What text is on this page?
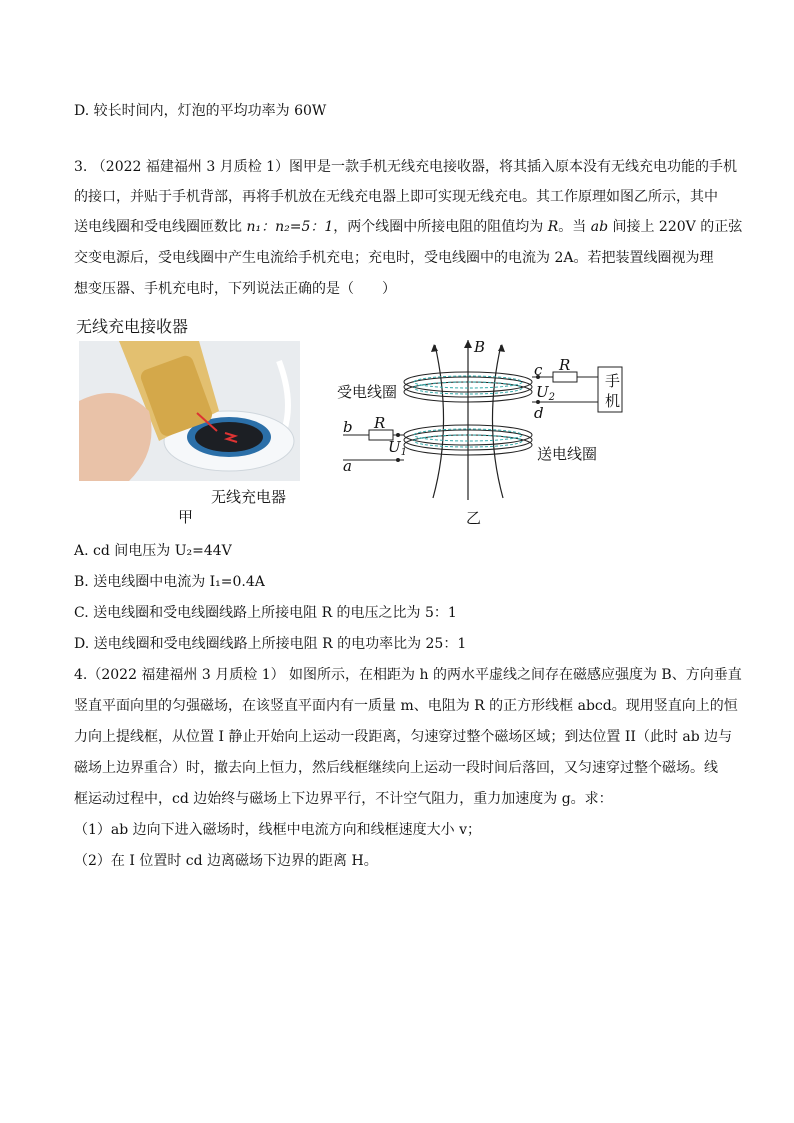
D. 较长时间内，灯泡的平均功率为 60W
3. （2022 福建福州 3 月质检 1）图甲是一款手机无线充电接收器，将其插入原本没有无线充电功能的手机
的接口，并贴于手机背部，再将手机放在无线充电器上即可实现无线充电。其工作原理如图乙所示，其中
送电线圈和受电线圈匝数比 n₁：n₂=5：1，两个线圈中所接电阻的阻值均为 R。当 ab 间接上 220V 的正弦
交变电源后，受电线圈中产生电流给手机充电；充电时，受电线圈中的电流为 2A。若把装置线圈视为理
想变压器、手机充电时，下列说法正确的是（　　）
无线充电接收器
无线充电器
甲
B
受电线圈
送电线圈
c
d
R
$U_2$
手
机
b
a
R
$U_1$
乙
A. cd 间电压为 U₂=44V
B. 送电线圈中电流为 I₁=0.4A
C. 送电线圈和受电线圈线路上所接电阻 R 的电压之比为 5：1
D. 送电线圈和受电线圈线路上所接电阻 R 的电功率比为 25：1
4.（2022 福建福州 3 月质检 1） 如图所示，在相距为 h 的两水平虚线之间存在磁感应强度为 B、方向垂直
竖直平面向里的匀强磁场，在该竖直平面内有一质量 m、电阻为 R 的正方形线框 abcd。现用竖直向上的恒
力向上提线框，从位置 I 静止开始向上运动一段距离，匀速穿过整个磁场区域；到达位置 II（此时 ab 边与
磁场上边界重合）时，撤去向上恒力，然后线框继续向上运动一段时间后落回，又匀速穿过整个磁场。线
框运动过程中，cd 边始终与磁场上下边界平行，不计空气阻力，重力加速度为 g。求：
（1）ab 边向下进入磁场时，线框中电流方向和线框速度大小 v；
（2）在 I 位置时 cd 边离磁场下边界的距离 H。
